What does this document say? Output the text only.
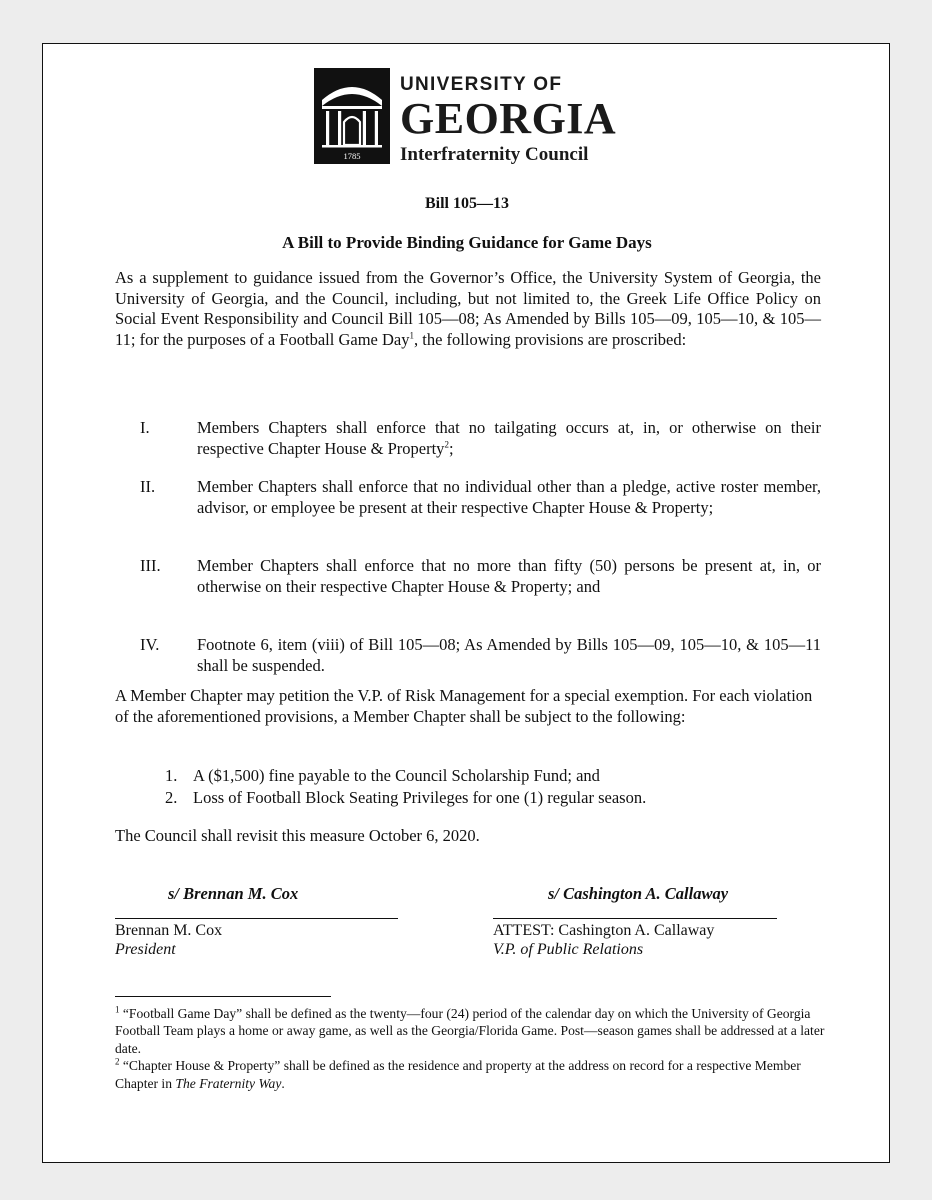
1785
UNIVERSITY OF
GEORGIA
Interfraternity Council
Bill 105—13
A Bill to Provide Binding Guidance for Game Days
As a supplement to guidance issued from the Governor’s Office, the University System of Georgia, the University of Georgia, and the Council, including, but not limited to, the Greek Life Office Policy on Social Event Responsibility and Council Bill 105—08; As Amended by Bills 105—09, 105—10, & 105—11; for the purposes of a Football Game Day$^1$, the following provisions are proscribed:
I.	Members Chapters shall enforce that no tailgating occurs at, in, or otherwise on their respective Chapter House & Property$^2$;
II.	Member Chapters shall enforce that no individual other than a pledge, active roster member, advisor, or employee be present at their respective Chapter House & Property;
III. Member Chapters shall enforce that no more than fifty (50) persons be present at, in, or otherwise on their respective Chapter House & Property; and
IV. Footnote 6, item (viii) of Bill 105—08; As Amended by Bills 105—09, 105—10, & 105—11 shall be suspended.
A Member Chapter may petition the V.P. of Risk Management for a special exemption. For each violation of the aforementioned provisions, a Member Chapter shall be subject to the following:
1. A ($1,500) fine payable to the Council Scholarship Fund; and
2. Loss of Football Block Seating Privileges for one (1) regular season.
The Council shall revisit this measure October 6, 2020.
s/ Brennan M. Cox
Brennan M. Cox
President
s/ Cashington A. Callaway
ATTEST: Cashington A. Callaway
V.P. of Public Relations
$^1$ “Football Game Day” shall be defined as the twenty—four (24) period of the calendar day on which the University of Georgia Football Team plays a home or away game, as well as the Georgia/Florida Game. Post—season games shall be addressed at a later date.
$^2$ “Chapter House & Property” shall be defined as the residence and property at the address on record for a respective Member Chapter in The Fraternity Way.
